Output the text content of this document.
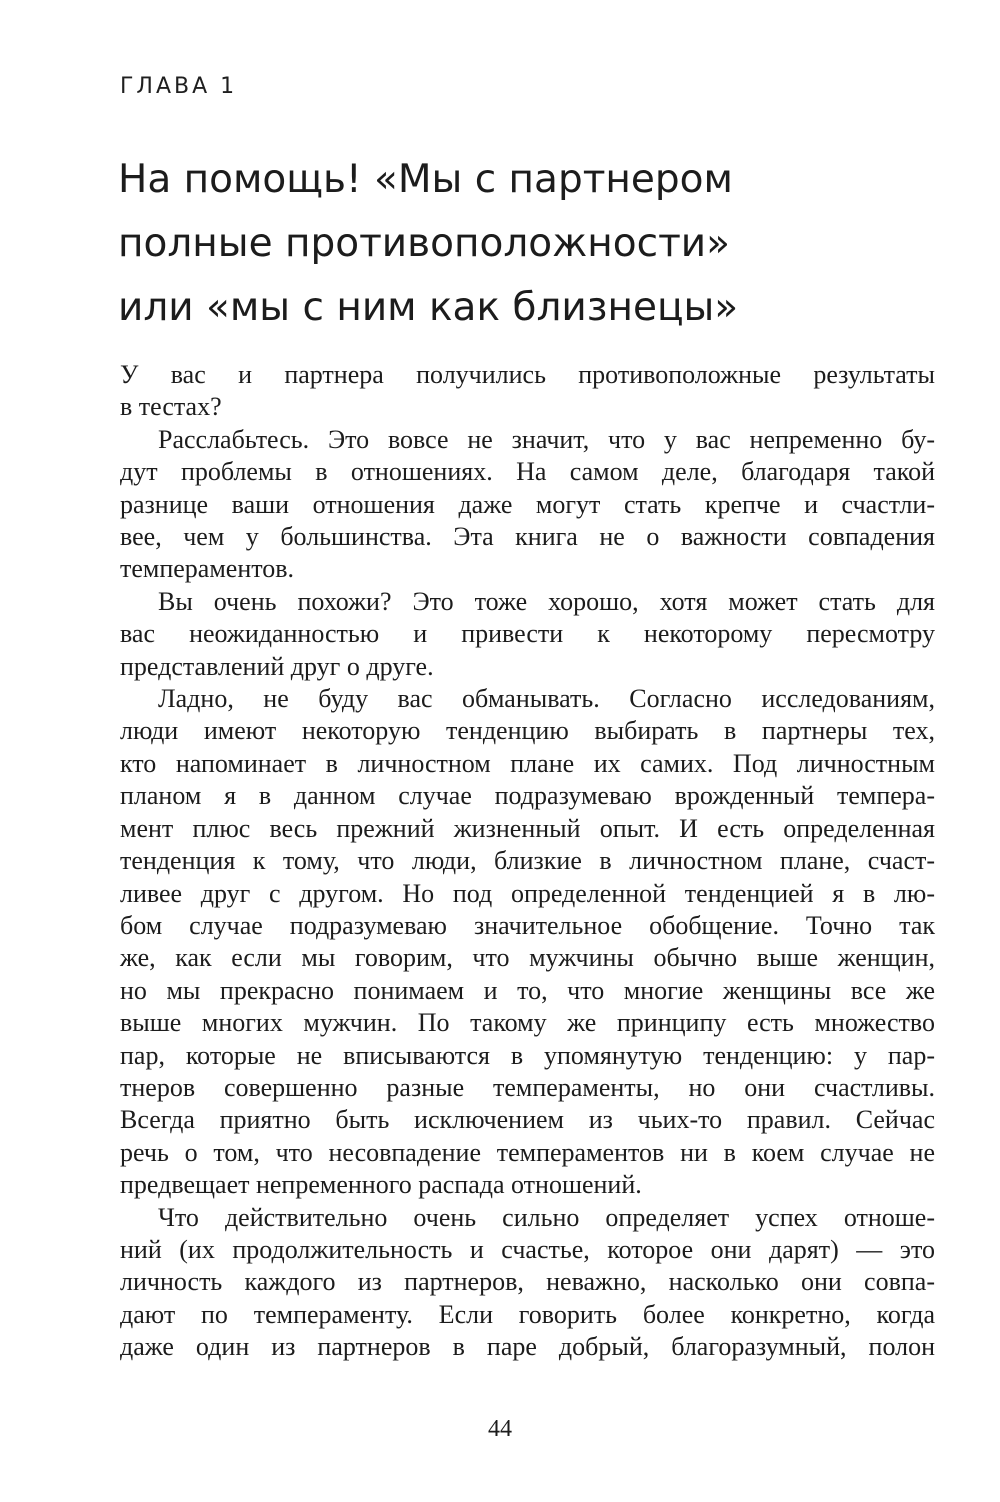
ГЛАВА 1
На помощь! «Мы с партнером
полные противоположности»
или «мы с ним как близнецы»
У вас и партнера получились противоположные результаты
в тестах?
Расслабьтесь. Это вовсе не значит, что у вас непременно бу-
дут проблемы в отношениях. На самом деле, благодаря такой
разнице ваши отношения даже могут стать крепче и счастли-
вее, чем у большинства. Эта книга не о важности совпадения
темпераментов.
Вы очень похожи? Это тоже хорошо, хотя может стать для
вас неожиданностью и привести к некоторому пересмотру
представлений друг о друге.
Ладно, не буду вас обманывать. Согласно исследованиям,
люди имеют некоторую тенденцию выбирать в партнеры тех,
кто напоминает в личностном плане их самих. Под личностным
планом я в данном случае подразумеваю врожденный темпера-
мент плюс весь прежний жизненный опыт. И есть определенная
тенденция к тому, что люди, близкие в личностном плане, счаст-
ливее друг с другом. Но под определенной тенденцией я в лю-
бом случае подразумеваю значительное обобщение. Точно так
же, как если мы говорим, что мужчины обычно выше женщин,
но мы прекрасно понимаем и то, что многие женщины все же
выше многих мужчин. По такому же принципу есть множество
пар, которые не вписываются в упомянутую тенденцию: у пар-
тнеров совершенно разные темпераменты, но они счастливы.
Всегда приятно быть исключением из чьих-то правил. Сейчас
речь о том, что несовпадение темпераментов ни в коем случае не
предвещает непременного распада отношений.
Что действительно очень сильно определяет успех отноше-
ний (их продолжительность и счастье, которое они дарят) — это
личность каждого из партнеров, неважно, насколько они совпа-
дают по темпераменту. Если говорить более конкретно, когда
даже один из партнеров в паре добрый, благоразумный, полон
44
